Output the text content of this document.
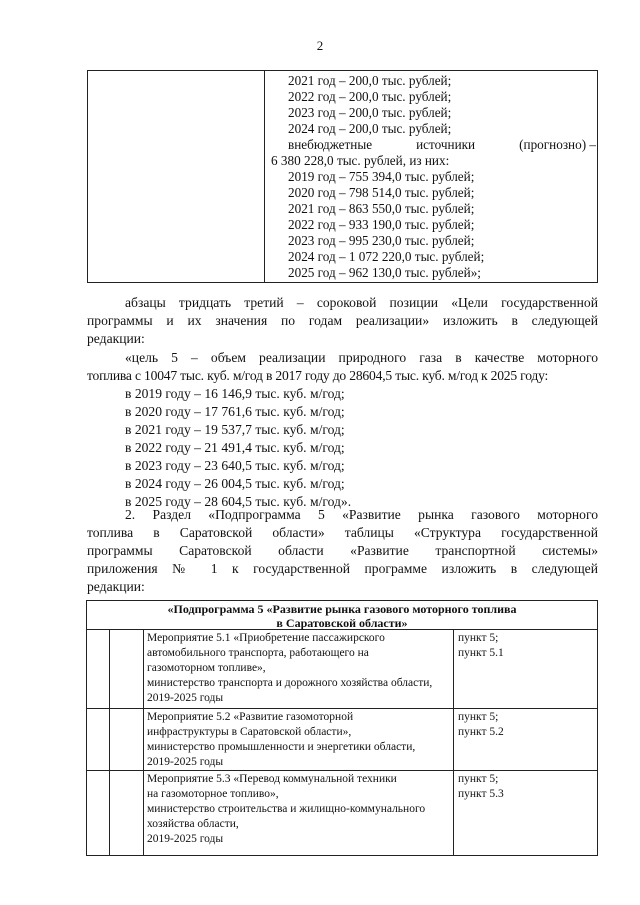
2
2021 год – 200,0 тыс. рублей;
2022 год – 200,0 тыс. рублей;
2023 год – 200,0 тыс. рублей;
2024 год – 200,0 тыс. рублей;
внебюджетные	источники	(прогнозно) –
6 380 228,0 тыс. рублей, из них:
2019 год – 755 394,0 тыс. рублей;
2020 год – 798 514,0 тыс. рублей;
2021 год – 863 550,0 тыс. рублей;
2022 год – 933 190,0 тыс. рублей;
2023 год – 995 230,0 тыс. рублей;
2024 год – 1 072 220,0 тыс. рублей;
2025 год – 962 130,0 тыс. рублей»;
абзацы тридцать третий – сороковой позиции «Цели государственной
программы и их значения по годам реализации» изложить в следующей
редакции:
«цель 5 – объем реализации природного газа в качестве моторного
топлива с 10047 тыс. куб. м/год в 2017 году до 28604,5 тыс. куб. м/год к 2025 году:
в 2019 году – 16 146,9 тыс. куб. м/год;
в 2020 году – 17 761,6 тыс. куб. м/год;
в 2021 году – 19 537,7 тыс. куб. м/год;
в 2022 году – 21 491,4 тыс. куб. м/год;
в 2023 году – 23 640,5 тыс. куб. м/год;
в 2024 году – 26 004,5 тыс. куб. м/год;
в 2025 году – 28 604,5 тыс. куб. м/год».
2. Раздел «Подпрограмма 5 «Развитие рынка газового моторного
топлива в Саратовской области» таблицы «Структура государственной
программы Саратовской области «Развитие транспортной системы»
приложения № 1 к государственной программе изложить в следующей
редакции:
«Подпрограмма 5 «Развитие рынка газового моторного топлива
в Саратовской области»
Мероприятие 5.1 «Приобретение пассажирского
автомобильного транспорта, работающего на
газомоторном топливе»,
министерство транспорта и дорожного хозяйства области,
2019-2025 годы
пункт 5;
пункт 5.1
Мероприятие 5.2 «Развитие газомоторной
инфраструктуры в Саратовской области»,
министерство промышленности и энергетики области,
2019-2025 годы
пункт 5;
пункт 5.2
Мероприятие 5.3 «Перевод коммунальной техники
на газомоторное топливо»,
министерство строительства и жилищно-коммунального
хозяйства области,
2019-2025 годы
пункт 5;
пункт 5.3
